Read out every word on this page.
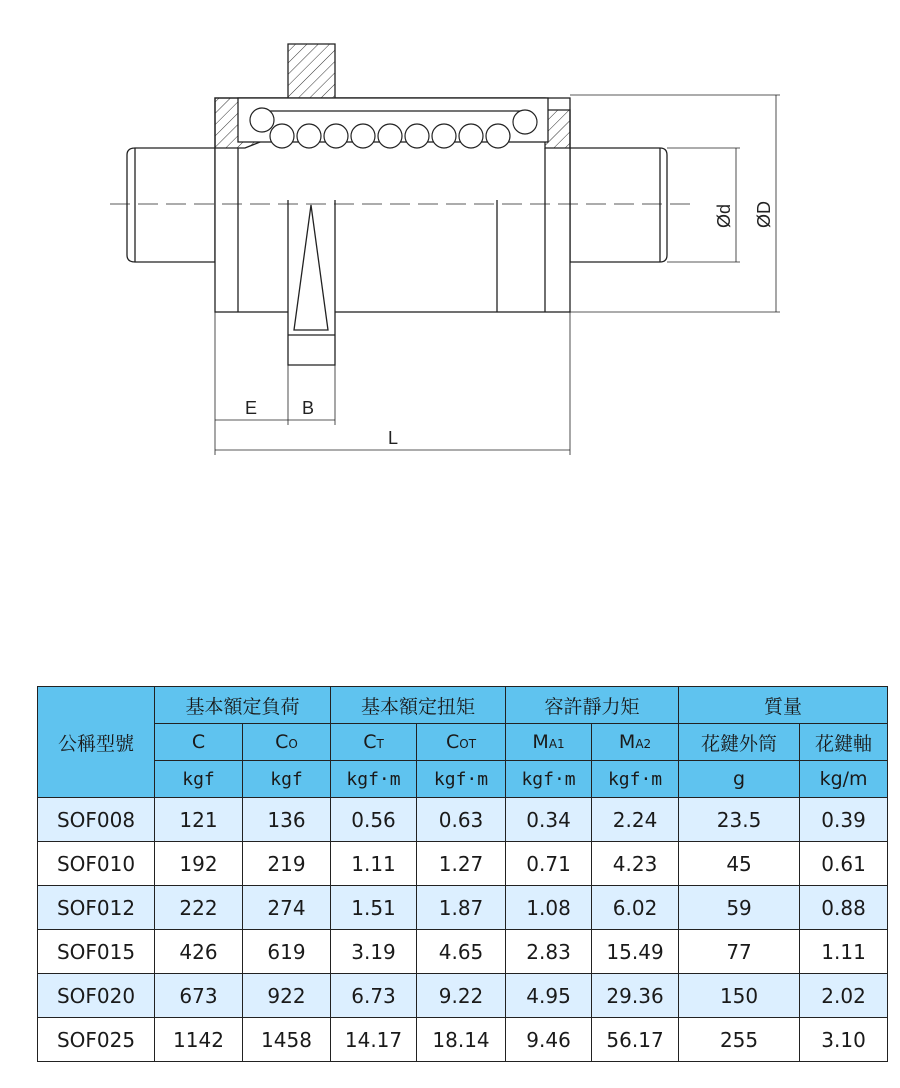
E B
L
Ød ØD
公稱型號	基本額定負荷		基本額定扭矩		容許靜力矩		質量	
	C	CO	CT	COT	MA1	MA2	花鍵外筒	花鍵軸
	kgf	kgf	kgf·m	kgf·m	kgf·m	kgf·m	g	kg/m
SOF008	121	136	0.56	0.63	0.34	2.24	23.5	0.39
SOF010	192	219	1.11	1.27	0.71	4.23	45	0.61
SOF012	222	274	1.51	1.87	1.08	6.02	59	0.88
SOF015	426	619	3.19	4.65	2.83	15.49	77	1.11
SOF020	673	922	6.73	9.22	4.95	29.36	150	2.02
SOF025	1142	1458	14.17	18.14	9.46	56.17	255	3.10
